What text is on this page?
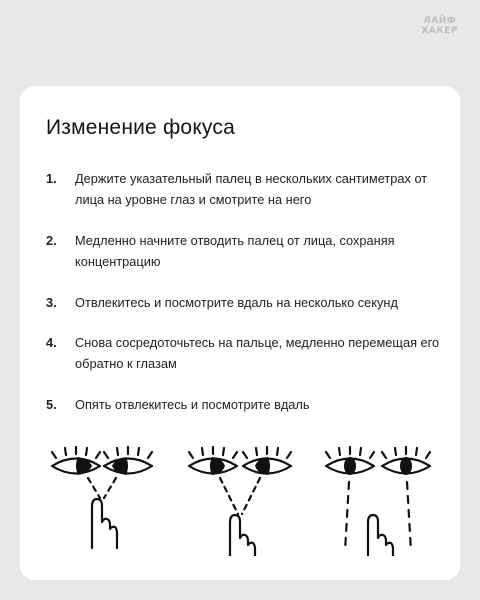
ЛАЙФ
ХАКЕР
Изменение фокуса
1.	Держите указательный палец в нескольких сантиметрах от лица на уровне глаз и смотрите на него
2.	Медленно начните отводить палец от лица, сохраняя концентрацию
3.	Отвлекитесь и посмотрите вдаль на несколько секунд
4.	Снова сосредоточьтесь на пальце, медленно перемещая его обратно к глазам
5.	Опять отвлекитесь и посмотрите вдаль
